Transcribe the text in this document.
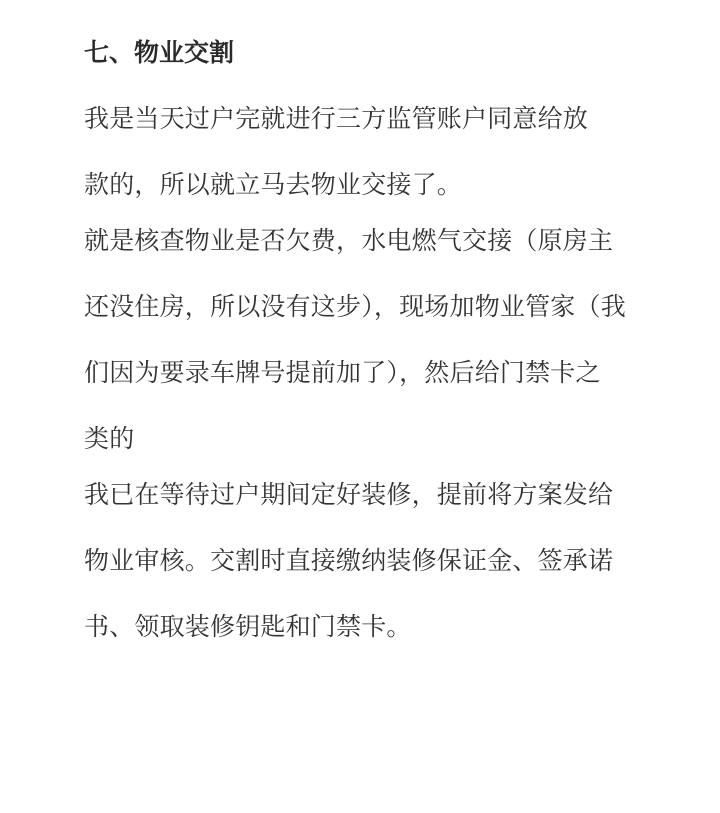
七、物业交割
我是当天过户完就进行三方监管账户同意给放
款的，所以就立马去物业交接了。
就是核查物业是否欠费，水电燃气交接（原房主
还没住房，所以没有这步），现场加物业管家（我
们因为要录车牌号提前加了），然后给门禁卡之
类的
我已在等待过户期间定好装修，提前将方案发给
物业审核。交割时直接缴纳装修保证金、签承诺
书、领取装修钥匙和门禁卡。
